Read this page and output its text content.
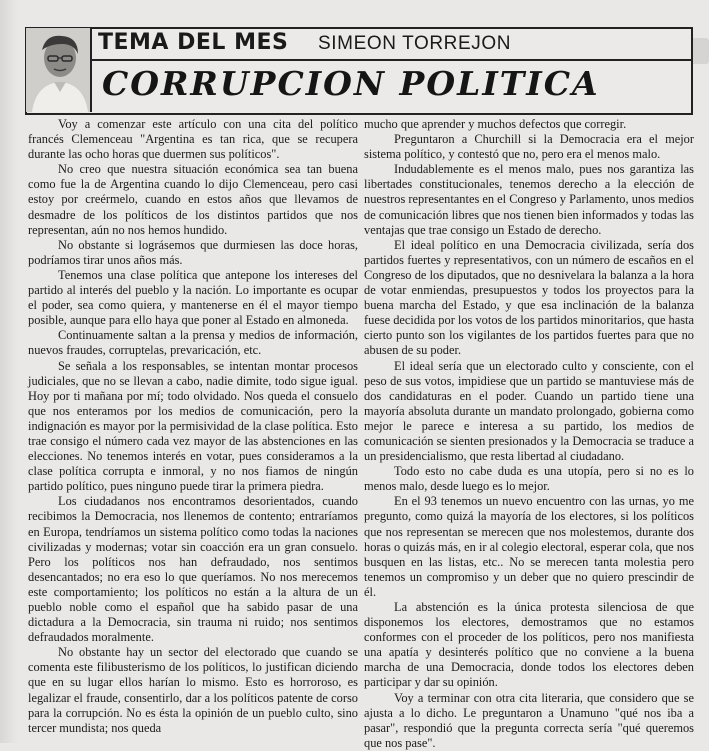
TEMA DEL MES SIMEON TORREJON
CORRUPCION POLITICA

Voy a comenzar este artículo con una cita del político francés Clemenceau "Argentina es tan rica, que se recupera durante las ocho horas que duermen sus políticos".

No creo que nuestra situación económica sea tan buena como fue la de Argentina cuando lo dijo Clemenceau, pero casi estoy por creérmelo, cuando en estos años que llevamos de desmadre de los políticos de los distintos partidos que nos representan, aún no nos hemos hundido.

No obstante si lográsemos que durmiesen las doce horas, podríamos tirar unos años más.

Tenemos una clase política que antepone los intereses del partido al interés del pueblo y la nación. Lo importante es ocupar el poder, sea como quiera, y mantenerse en él el mayor tiempo posible, aunque para ello haya que poner al Estado en almoneda.

Continuamente saltan a la prensa y medios de información, nuevos fraudes, corruptelas, prevaricación, etc.

Se señala a los responsables, se intentan montar procesos judiciales, que no se llevan a cabo, nadie dimite, todo sigue igual. Hoy por ti mañana por mí; todo olvidado. Nos queda el consuelo que nos enteramos por los medios de comunicación, pero la indignación es mayor por la permisividad de la clase política. Esto trae consigo el número cada vez mayor de las abstenciones en las elecciones. No tenemos interés en votar, pues consideramos a la clase política corrupta e inmoral, y no nos fiamos de ningún partido político, pues ninguno puede tirar la primera piedra.

Los ciudadanos nos encontramos desorientados, cuando recibimos la Democracia, nos llenemos de contento; entraríamos en Europa, tendríamos un sistema político como todas la naciones civilizadas y modernas; votar sin coacción era un gran consuelo. Pero los políticos nos han defraudado, nos sentimos desencantados; no era eso lo que queríamos. No nos merecemos este comportamiento; los políticos no están a la altura de un pueblo noble como el español que ha sabido pasar de una dictadura a la Democracia, sin trauma ni ruido; nos sentimos defraudados moralmente.

No obstante hay un sector del electorado que cuando se comenta este filibusterismo de los políticos, lo justifican diciendo que en su lugar ellos harían lo mismo. Esto es horroroso, es legalizar el fraude, consentirlo, dar a los políticos patente de corso para la corrupción. No es ésta la opinión de un pueblo culto, sino tercer mundista; nos queda

mucho que aprender y muchos defectos que corregir.

Preguntaron a Churchill si la Democracia era el mejor sistema político, y contestó que no, pero era el menos malo.

Indudablemente es el menos malo, pues nos garantiza las libertades constitucionales, tenemos derecho a la elección de nuestros representantes en el Congreso y Parlamento, unos medios de comunicación libres que nos tienen bien informados y todas las ventajas que trae consigo un Estado de derecho.

El ideal político en una Democracia civilizada, sería dos partidos fuertes y representativos, con un número de escaños en el Congreso de los diputados, que no desnivelara la balanza a la hora de votar enmiendas, presupuestos y todos los proyectos para la buena marcha del Estado, y que esa inclinación de la balanza fuese decidida por los votos de los partidos minoritarios, que hasta cierto punto son los vigilantes de los partidos fuertes para que no abusen de su poder.

El ideal sería que un electorado culto y consciente, con el peso de sus votos, impidiese que un partido se mantuviese más de dos candidaturas en el poder. Cuando un partido tiene una mayoría absoluta durante un mandato prolongado, gobierna como mejor le parece e interesa a su partido, los medios de comunicación se sienten presionados y la Democracia se traduce a un presidencialismo, que resta libertad al ciudadano.

Todo esto no cabe duda es una utopía, pero si no es lo menos malo, desde luego es lo mejor.

En el 93 tenemos un nuevo encuentro con las urnas, yo me pregunto, como quizá la mayoría de los electores, si los políticos que nos representan se merecen que nos molestemos, durante dos horas o quizás más, en ir al colegio electoral, esperar cola, que nos busquen en las listas, etc.. No se merecen tanta molestia pero tenemos un compromiso y un deber que no quiero prescindir de él.

La abstención es la única protesta silenciosa de que disponemos los electores, demostramos que no estamos conformes con el proceder de los políticos, pero nos manifiesta una apatía y desinterés político que no conviene a la buena marcha de una Democracia, donde todos los electores deben participar y dar su opinión.

Voy a terminar con otra cita literaria, que considero que se ajusta a lo dicho. Le preguntaron a Unamuno "qué nos iba a pasar", respondió que la pregunta correcta sería "qué queremos que nos pase".
